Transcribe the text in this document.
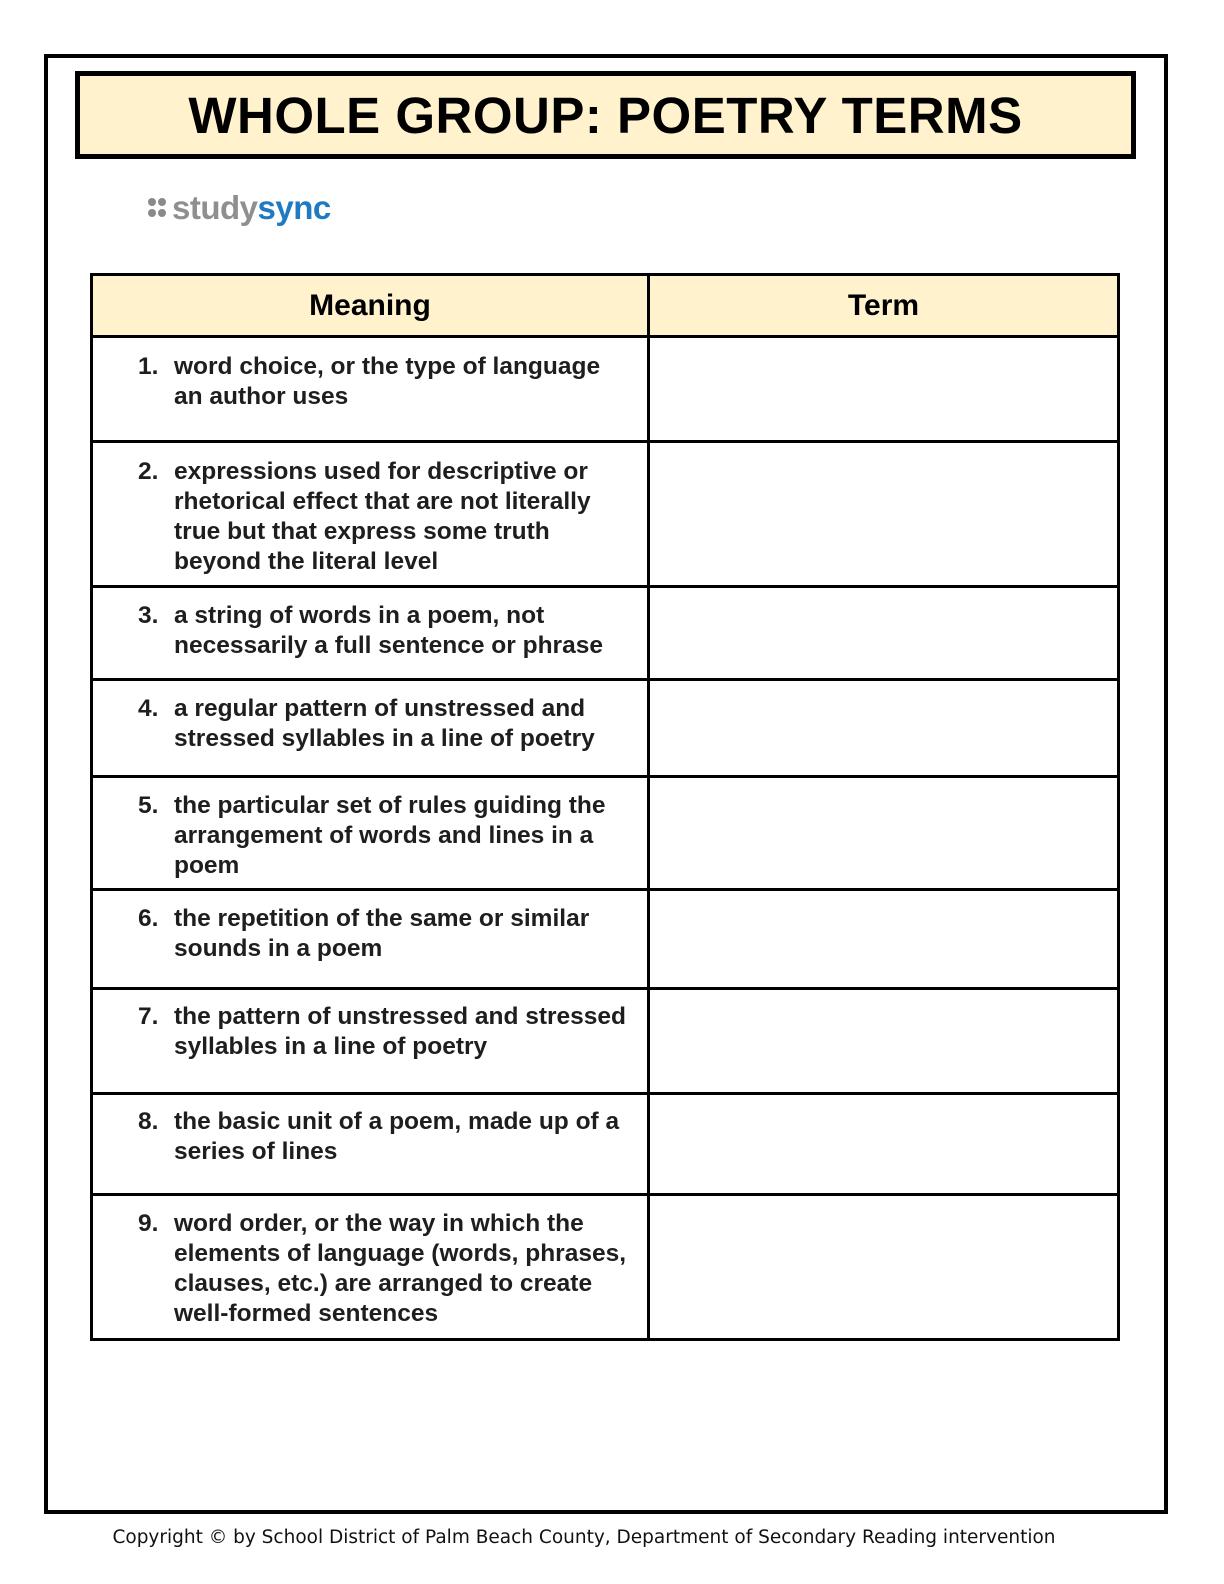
WHOLE GROUP: POETRY TERMS
study sync
Meaning	Term

1. word choice, or the type of language an author uses	

2. expressions used for descriptive or rhetorical effect that are not literally true but that express some truth beyond the literal level	

3. a string of words in a poem, not necessarily a full sentence or phrase	

4. a regular pattern of unstressed and stressed syllables in a line of poetry	

5. the particular set of rules guiding the arrangement of words and lines in a poem	

6. the repetition of the same or similar sounds in a poem	

7. the pattern of unstressed and stressed syllables in a line of poetry	

8. the basic unit of a poem, made up of a series of lines	

9. word order, or the way in which the elements of language (words, phrases, clauses, etc.) are arranged to create well-formed sentences	

Copyright © by School District of Palm Beach County, Department of Secondary Reading intervention
